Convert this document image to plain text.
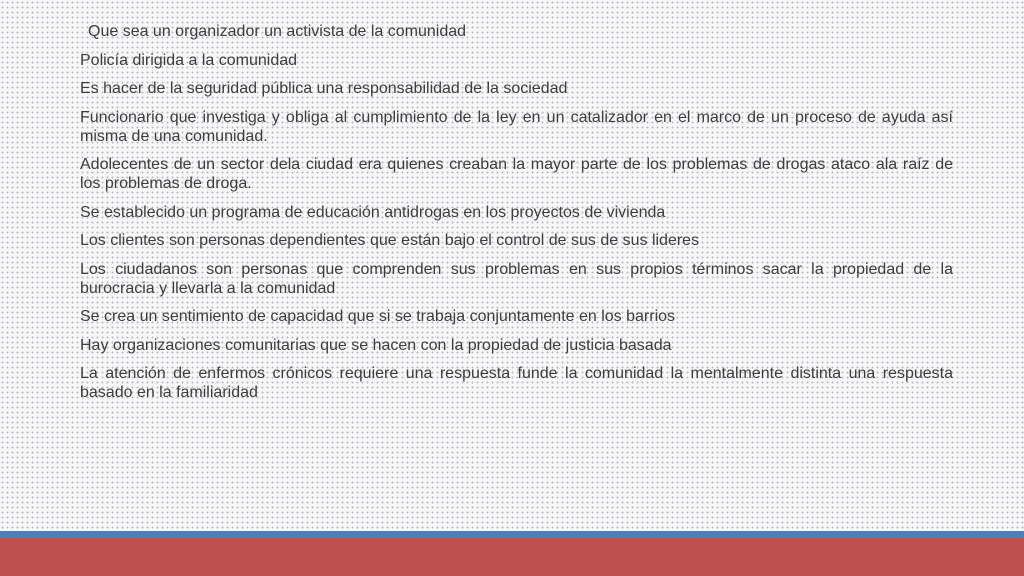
Que sea un organizador un activista de la comunidad

Policía dirigida a la comunidad

Es hacer de la seguridad pública una responsabilidad de la sociedad

Funcionario que investiga y obliga al cumplimiento de la ley en un catalizador en el marco de un proceso de ayuda así misma de una comunidad.

Adolecentes de un sector dela ciudad era quienes creaban la mayor parte de los problemas de drogas ataco ala raíz de los problemas de droga.

Se establecido un programa de educación antidrogas en los proyectos de vivienda

Los clientes son personas dependientes que están bajo el control de sus de sus lideres

Los ciudadanos son personas que comprenden sus problemas en sus propios términos sacar la propiedad de la burocracia y llevarla a la comunidad

Se crea un sentimiento de capacidad que si se trabaja conjuntamente en los barrios

Hay organizaciones comunitarias que se hacen con la propiedad de justicia basada

La atención de enfermos crónicos requiere una respuesta funde la comunidad la mentalmente distinta una respuesta basado en la familiaridad
